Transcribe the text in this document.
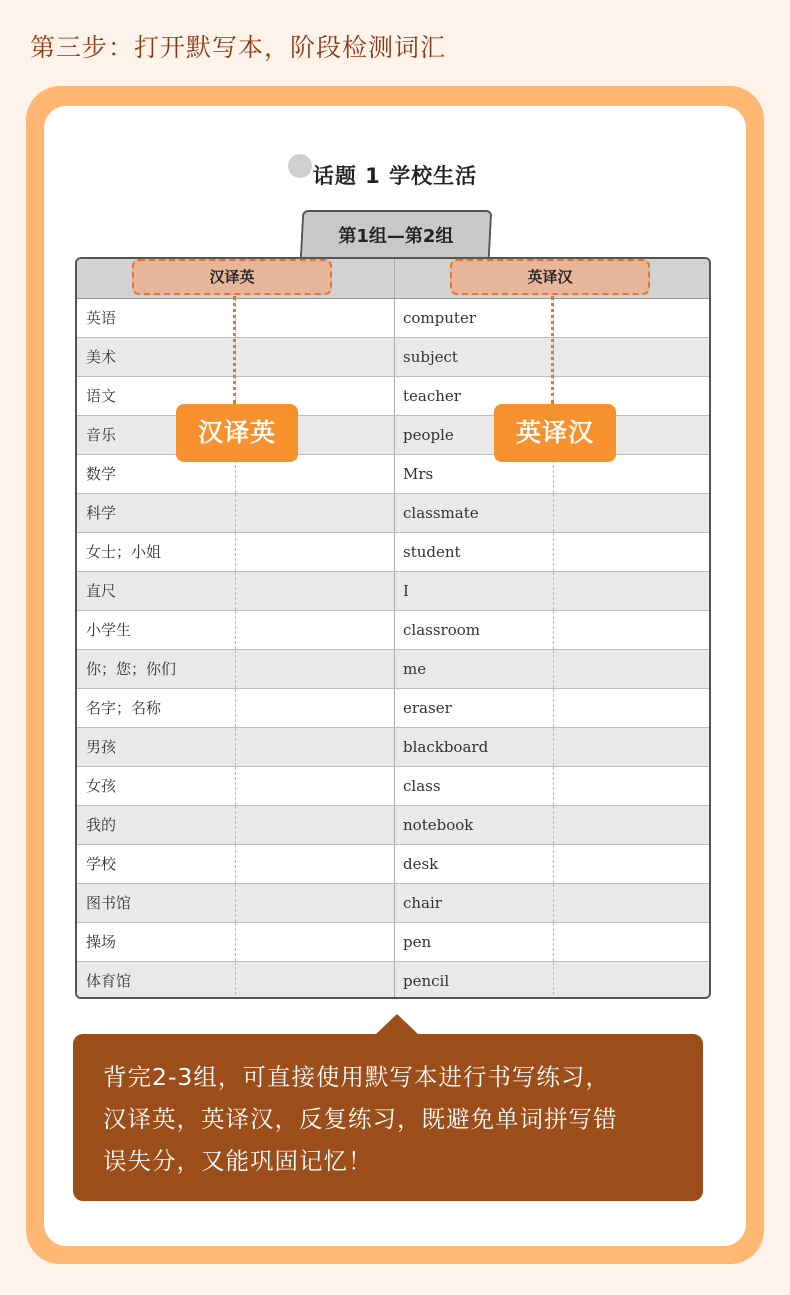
第三步：打开默写本，阶段检测词汇
话题 1 学校生活
第1组—第2组
英语	computer
美术	subject
语文	teacher
音乐	people
数学	Mrs
科学	classmate
女士；小姐	student
直尺	I
小学生	classroom
你；您；你们	me
名字；名称	eraser
男孩	blackboard
女孩	class
我的	notebook
学校	desk
图书馆	chair
操场	pen
体育馆	pencil
汉译英	英译汉
汉译英	英译汉
背完2-3组，可直接使用默写本进行书写练习，
汉译英，英译汉，反复练习，既避免单词拼写错
误失分，又能巩固记忆！
